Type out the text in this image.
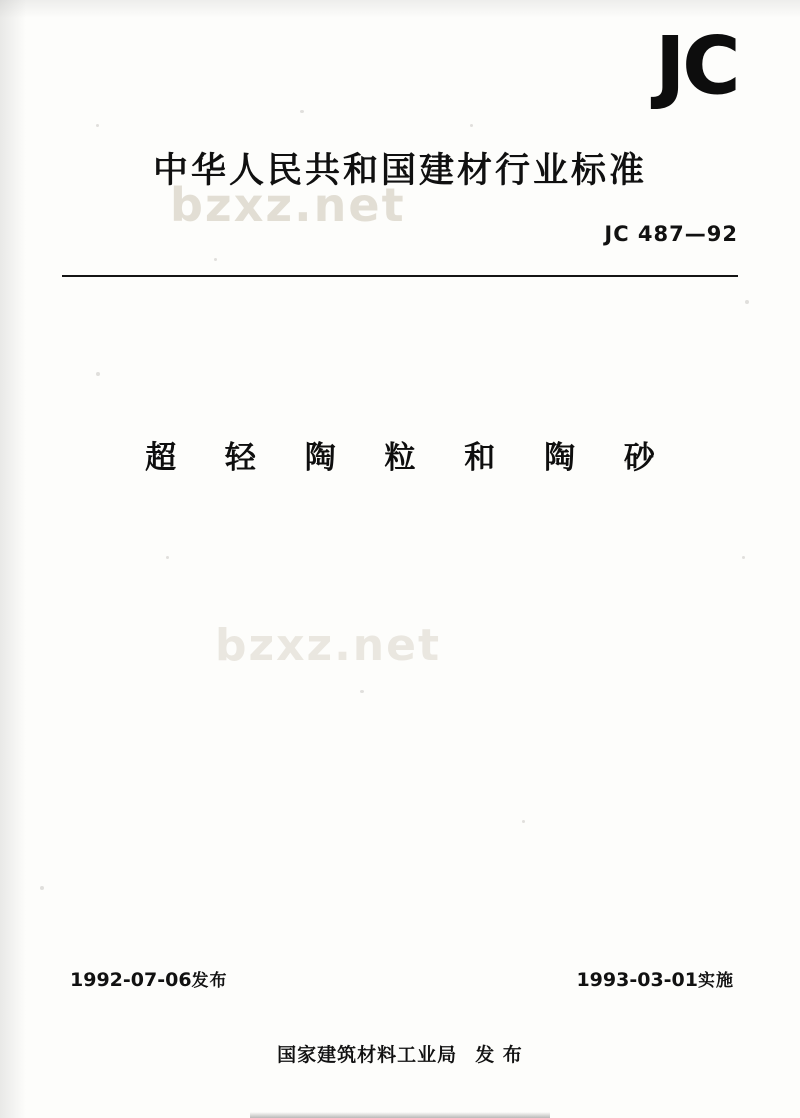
JC
bzxz.net
bzxz.net
中华人民共和国建材行业标准
JC 487—92
超 轻 陶 粒 和 陶 砂
1992-07-06发布	1993-03-01实施
国家建筑材料工业局 发 布
